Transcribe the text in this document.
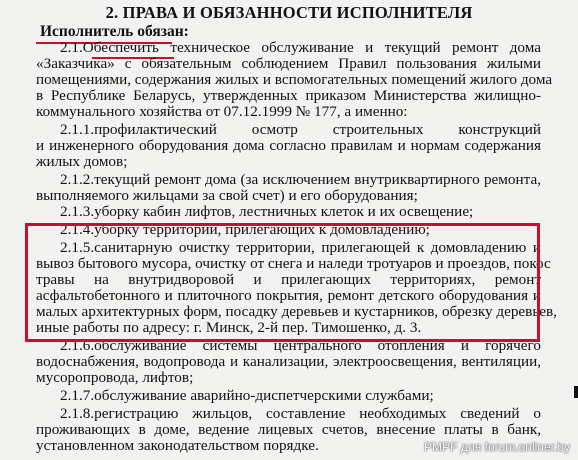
2. ПРАВА И ОБЯЗАННОСТИ ИСПОЛНИТЕЛЯ
Исполнитель обязан:
2.1.Обеспечить техническое обслуживание и текущий ремонт дома
«Заказчика» с обязательным соблюдением Правил пользования жилыми
помещениями, содержания жилых и вспомогательных помещений жилого дома
в Республике Беларусь, утвержденных приказом Министерства жилищно-
коммунального хозяйства от 07.12.1999 № 177, а именно:
2.1.1.профилактический осмотр строительных конструкций
и инженерного оборудования дома согласно правилам и нормам содержания
жилых домов;
2.1.2.текущий ремонт дома (за исключением внутриквартирного ремонта,
выполняемого жильцами за свой счет) и его оборудования;
2.1.3.уборку кабин лифтов, лестничных клеток и их освещение;
2.1.4.уборку территорий, прилегающих к домовладению;
2.1.5.санитарную очистку территории, прилегающей к домовладению и
вывоз бытового мусора, очистку от снега и наледи тротуаров и проездов, покос
травы на внутридворовой и прилегающих территориях, ремонт
асфальтобетонного и плиточного покрытия, ремонт детского оборудования и
малых архитектурных форм, посадку деревьев и кустарников, обрезку деревьев,
иные работы по адресу: г. Минск, 2-й пер. Тимошенко, д. 3.
2.1.6.обслуживание системы центрального отопления и горячего
водоснабжения, водопровода и канализации, электроосвещения, вентиляции,
мусоропровода, лифтов;
2.1.7.обслуживание аварийно-диспетчерскими службами;
2.1.8.регистрацию жильцов, составление необходимых сведений о
проживающих в доме, ведение лицевых счетов, внесение платы в банк,
установленном законодательством порядке.	PMPF для forum.onliner.by
